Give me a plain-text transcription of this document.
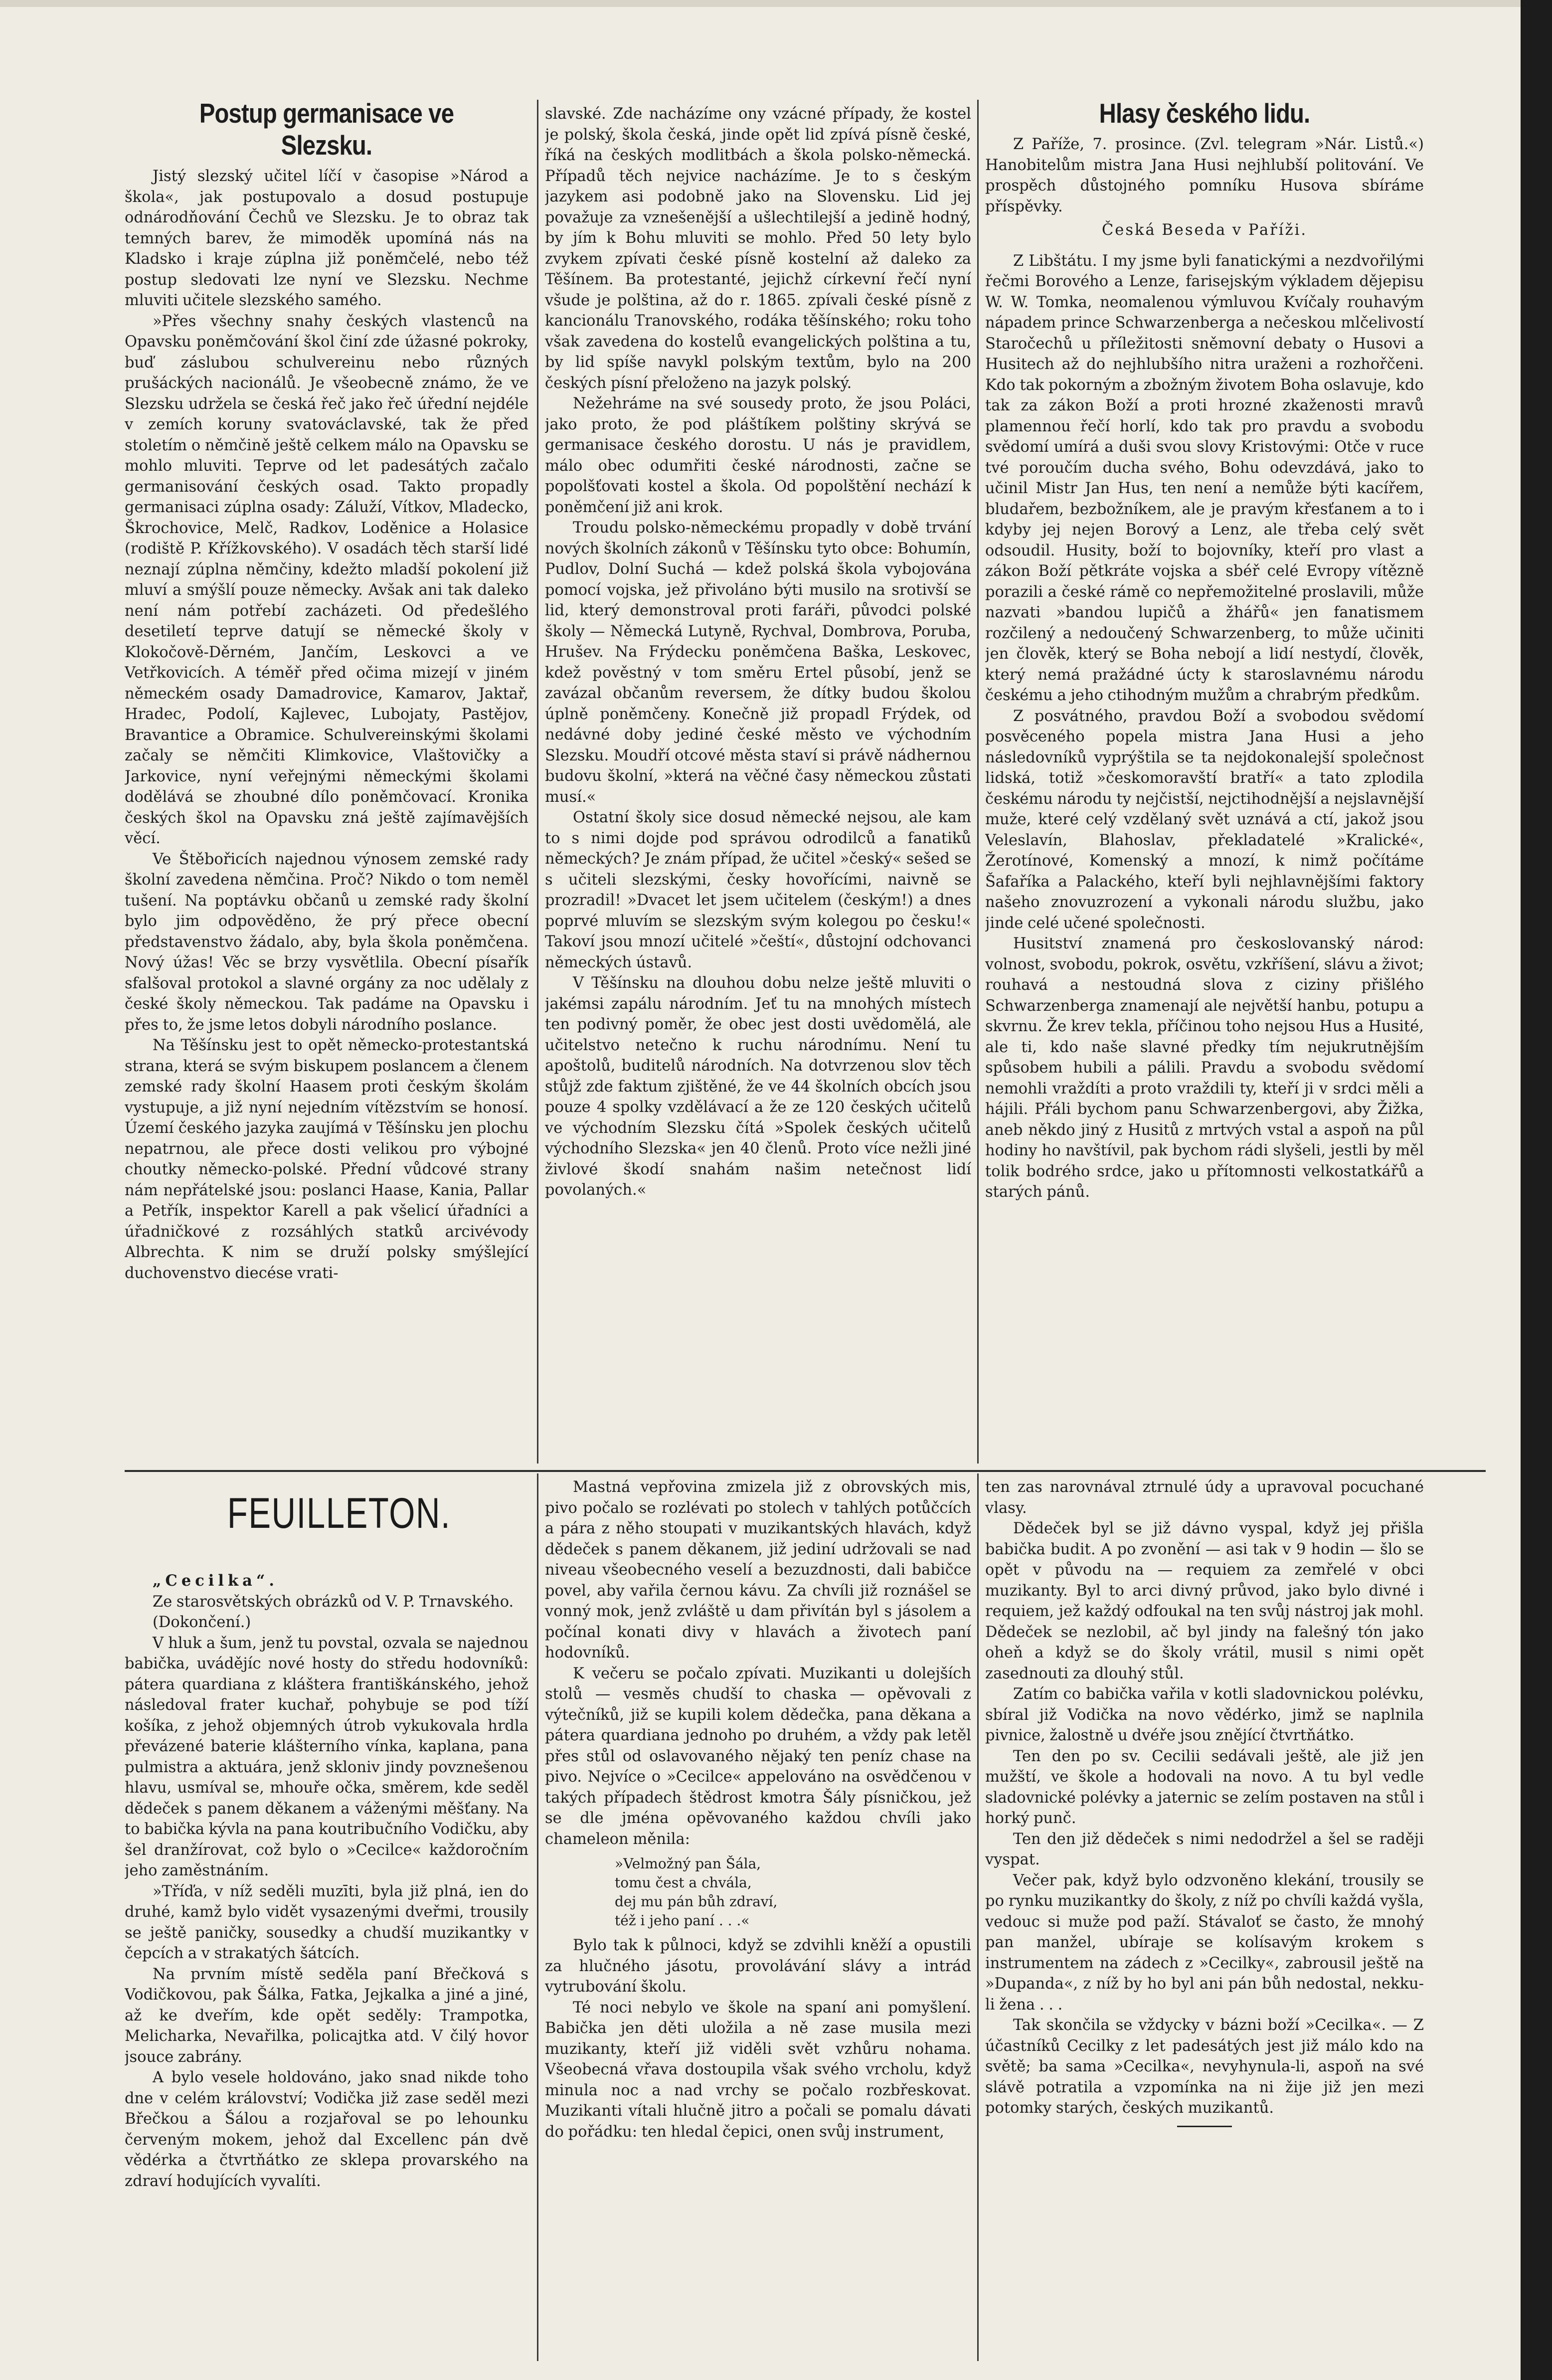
Postup germanisace ve Slezsku.

Jistý slezský učitel líčí v časopise »Národ a škola«, jak postupovalo a dosud postupuje odnárodňování Čechů ve Slezsku. Je to obraz tak temných barev, že mimoděk upomíná nás na Kladsko i kraje zúplna již poněmčelé, nebo též postup sledovati lze nyní ve Slezsku. Nechme mluviti učitele slezského samého.

»Přes všechny snahy českých vlastenců na Opavsku poněmčování škol činí zde úžasné pokroky, buď záslubou schulvereinu nebo různých prušáckých nacionálů. Je všeobecně známo, že ve Slezsku udržela se česká řeč jako řeč úřední nejdéle v zemích koruny svatováclavské, tak že před stoletím o němčině ještě celkem málo na Opavsku se mohlo mluviti. Teprve od let padesátých začalo germanisování českých osad. Takto propadly germanisaci zúplna osady: Záluží, Vítkov, Mladecko, Škrochovice, Melč, Radkov, Loděnice a Holasice (rodiště P. Křížkovského). V osadách těch starší lidé neznají zúplna němčiny, kdežto mladší pokolení již mluví a smýšlí pouze německy. Avšak ani tak daleko není nám potřebí zacházeti. Od předešlého desetiletí teprve datují se německé školy v Klokočově-Děrném, Jančím, Leskovci a ve Vetřkovicích. A téměř před očima mizejí v jiném německém osady Damadrovice, Kamarov, Jaktař, Hradec, Podolí, Kajlevec, Lubojaty, Pastějov, Bravantice a Obramice. Schulvereinskými školami začaly se němčiti Klimkovice, Vlaštovičky a Jarkovice, nyní veřejnými německými školami dodělává se zhoubné dílo poněmčovací. Kronika českých škol na Opavsku zná ještě zajímavějších věcí.

Ve Štěbořicích najednou výnosem zemské rady školní zavedena němčina. Proč? Nikdo o tom neměl tušení. Na poptávku občanů u zemské rady školní bylo jim odpověděno, že prý přece obecní představenstvo žádalo, aby, byla škola poněmčena. Nový úžas! Věc se brzy vysvětlila. Obecní písařík sfalšoval protokol a slavné orgány za noc udělaly z české školy německou. Tak padáme na Opavsku i přes to, že jsme letos dobyli národního poslance.

Na Těšínsku jest to opět německo-protestantská strana, která se svým biskupem poslancem a členem zemské rady školní Haasem proti českým školám vystupuje, a již nyní nejedním vítězstvím se honosí. Území českého jazyka zaujímá v Těšínsku jen plochu nepatrnou, ale přece dosti velikou pro výbojné choutky německo-polské. Přední vůdcové strany nám nepřátelské jsou: poslanci Haase, Kania, Pallar a Petřík, inspektor Karell a pak všelicí úřadníci a úřadničkové z rozsáhlých statků arcivévody Albrechta. K nim se druží polsky smýšlející duchovenstvo diecése vrati-

slavské. Zde nacházíme ony vzácné případy, že kostel je polský, škola česká, jinde opět lid zpívá písně české, říká na českých modlitbách a škola polsko-německá. Případů těch nejvice nacházíme. Je to s českým jazykem asi podobně jako na Slovensku. Lid jej považuje za vznešenější a ušlechtilejší a jedině hodný, by jím k Bohu mluviti se mohlo. Před 50 lety bylo zvykem zpívati české písně kostelní až daleko za Těšínem. Ba protestanté, jejichž církevní řečí nyní všude je polština, až do r. 1865. zpívali české písně z kancionálu Tranovského, rodáka těšínského; roku toho však zavedena do kostelů evangelických polština a tu, by lid spíše navykl polským textům, bylo na 200 českých písní přeloženo na jazyk polský.

Nežehráme na své sousedy proto, že jsou Poláci, jako proto, že pod pláštíkem polštiny skrývá se germanisace českého dorostu. U nás je pravidlem, málo obec odumřiti české národnosti, začne se popolšťovati kostel a škola. Od popolštění nechází k poněmčení již ani krok.

Troudu polsko-německému propadly v době trvání nových školních zákonů v Těšínsku tyto obce: Bohumín, Pudlov, Dolní Suchá — kdež polská škola vybojována pomocí vojska, jež přivoláno býti musilo na srotivší se lid, který demonstroval proti faráři, původci polské školy — Německá Lutyně, Rychval, Dombrova, Poruba, Hrušev. Na Frýdecku poněmčena Baška, Leskovec, kdež pověstný v tom směru Ertel působí, jenž se zavázal občanům reversem, že dítky budou školou úplně poněmčeny. Konečně již propadl Frýdek, od nedávné doby jediné české město ve východním Slezsku. Moudří otcové města staví si právě nádhernou budovu školní, »která na věčné časy německou zůstati musí.«

Ostatní školy sice dosud německé nejsou, ale kam to s nimi dojde pod správou odrodilců a fanatiků německých? Je znám případ, že učitel »český« sešed se s učiteli slezskými, česky hovořícími, naivně se prozradil! »Dvacet let jsem učitelem (českým!) a dnes poprvé mluvím se slezským svým kolegou po česku!« Takoví jsou mnozí učitelé »čeští«, důstojní odchovanci německých ústavů.

V Těšínsku na dlouhou dobu nelze ještě mluviti o jakémsi zapálu národním. Jeť tu na mnohých místech ten podivný poměr, že obec jest dosti uvědomělá, ale učitelstvo netečno k ruchu národnímu. Není tu apoštolů, buditelů národních. Na dotvrzenou slov těch stůjž zde faktum zjištěné, že ve 44 školních obcích jsou pouze 4 spolky vzdělávací a že ze 120 českých učitelů ve východním Slezsku čítá »Spolek českých učitelů východního Slezska« jen 40 členů. Proto více nežli jiné živlové škodí snahám našim netečnost lidí povolaných.«

Hlasy českého lidu.

Z Paříže, 7. prosince. (Zvl. telegram »Nár. Listů.«) Hanobitelům mistra Jana Husi nejhlubší politování. Ve prospěch důstojného pomníku Husova sbíráme příspěvky.

Česká Beseda v Paříži.

Z Libštátu. I my jsme byli fanatickými a nezdvořilými řečmi Borového a Lenze, farisejským výkladem dějepisu W. W. Tomka, neomalenou výmluvou Kvíčaly rouhavým nápadem prince Schwarzenberga a nečeskou mlčelivostí Staročechů u příležitosti sněmovní debaty o Husovi a Husitech až do nejhlubšího nitra uraženi a rozhořčeni. Kdo tak pokorným a zbožným životem Boha oslavuje, kdo tak za zákon Boží a proti hrozné zkaženosti mravů plamennou řečí horlí, kdo tak pro pravdu a svobodu svědomí umírá a duši svou slovy Kristovými: Otče v ruce tvé poroučím ducha svého, Bohu odevzdává, jako to učinil Mistr Jan Hus, ten není a nemůže býti kacířem, bludařem, bezbožníkem, ale je pravým křesťanem a to i kdyby jej nejen Borový a Lenz, ale třeba celý svět odsoudil. Husity, boží to bojovníky, kteří pro vlast a zákon Boží pětkráte vojska a sbéř celé Evropy vítězně porazili a české rámě co nepřemožitelné proslavili, může nazvati »bandou lupičů a žhářů« jen fanatismem rozčilený a nedoučený Schwarzenberg, to může učiniti jen člověk, který se Boha nebojí a lidí nestydí, člověk, který nemá pražádné úcty k staroslavnému národu českému a jeho ctihodným mužům a chrabrým předkům.

Z posvátného, pravdou Boží a svobodou svědomí posvěceného popela mistra Jana Husi a jeho následovníků vyprýštila se ta nejdokonalejší společnost lidská, totiž »českomoravští bratří« a tato zplodila českému národu ty nejčistší, nejctihodnější a nejslavnější muže, které celý vzdělaný svět uznává a ctí, jakož jsou Veleslavín, Blahoslav, překladatelé »Kralické«, Žerotínové, Komenský a mnozí, k nimž počítáme Šafaříka a Palackého, kteří byli nejhlavnějšími faktory našeho znovuzrození a vykonali národu službu, jako jinde celé učené společnosti.

Husitství znamená pro českoslovanský národ: volnost, svobodu, pokrok, osvětu, vzkříšení, slávu a život; rouhavá a nestoudná slova z ciziny přišlého Schwarzenberga znamenají ale největší hanbu, potupu a skvrnu. Že krev tekla, příčinou toho nejsou Hus a Husité, ale ti, kdo naše slavné předky tím nejukrutnějším spůsobem hubili a pálili. Pravdu a svobodu svědomí nemohli vraždíti a proto vraždili ty, kteří ji v srdci měli a hájili. Přáli bychom panu Schwarzenbergovi, aby Žižka, aneb někdo jiný z Husitů z mrtvých vstal a aspoň na půl hodiny ho navštívil, pak bychom rádi slyšeli, jestli by měl tolik bodrého srdce, jako u přítomnosti velkostatkářů a starých pánů.

FEUILLETON.

„Cecilka“.

Ze starosvětských obrázků od V. P. Trnavského.

(Dokončení.)

V hluk a šum, jenž tu povstal, ozvala se najednou babička, uvádějíc nové hosty do středu hodovníků: pátera quardiana z kláštera františkánského, jehož následoval frater kuchař, pohybuje se pod tíží košíka, z jehož objemných útrob vykukovala hrdla převázené baterie klášterního vínka, kaplana, pana pulmistra a aktuára, jenž skloniv jindy povznešenou hlavu, usmíval se, mhouře očka, směrem, kde seděl dědeček s panem děkanem a váženými měšťany. Na to babička kývla na pana koutribučního Vodičku, aby šel dranžírovat, což bylo o »Cecilce« každoročním jeho zaměstnáním.

»Tříďa, v níž seděli muzīti, byla již plná, ien do druhé, kamž bylo vidět vysazenými dveřmi, trousily se ještě paničky, sousedky a chudší muzikantky v čepcích a v strakatých šátcích.

Na prvním místě seděla paní Břečková s Vodičkovou, pak Šálka, Fatka, Jejkalka a jiné a jiné, až ke dveřím, kde opět seděly: Trampotka, Melicharka, Nevařilka, policajtka atd. V čilý hovor jsouce zabrány.

A bylo vesele holdováno, jako snad nikde toho dne v celém království; Vodička již zase seděl mezi Břečkou a Šálou a rozjařoval se po lehounku červeným mokem, jehož dal Excellenc pán dvě vědérka a čtvrtňátko ze sklepa provarského na zdraví hodujících vyvalíti.

Mastná vepřovina zmizela již z obrovských mis, pivo počalo se rozlévati po stolech v tahlých potůčcích a pára z něho stoupati v muzikantských hlavách, když dědeček s panem děkanem, již jediní udržovali se nad niveau všeobecného veselí a bezuzdnosti, dali babičce povel, aby vařila černou kávu. Za chvíli již roznášel se vonný mok, jenž zvláště u dam přivítán byl s jásolem a počínal konati divy v hlavách a životech paní hodovníků.

K večeru se počalo zpívati. Muzikanti u dolejších stolů — vesměs chudší to chaska — opěvovali z výtečníků, již se kupili kolem dědečka, pana děkana a pátera quardiana jednoho po druhém, a vždy pak letěl přes stůl od oslavovaného nějaký ten peníz chase na pivo. Nejvíce o »Cecilce« appelováno na osvědčenou v takých případech štědrost kmotra Šály písničkou, jež se dle jména opěvovaného každou chvíli jako chameleon měnila:

»Velmožný pan Šála,
tomu čest a chvála,
dej mu pán bůh zdraví,
též i jeho paní . . .«

Bylo tak k půlnoci, když se zdvihli kněží a opustili za hlučného jásotu, provolávání slávy a intrád vytrubování školu.

Té noci nebylo ve škole na spaní ani pomyšlení. Babička jen děti uložila a ně zase musila mezi muzikanty, kteří již viděli svět vzhůru nohama. Všeobecná vřava dostoupila však svého vrcholu, když minula noc a nad vrchy se počalo rozbřeskovat. Muzikanti vítali hlučně jitro a počali se pomalu dávati do pořádku: ten hledal čepici, onen svůj instrument,

ten zas narovnával ztrnulé údy a upravoval pocuchané vlasy.

Dědeček byl se již dávno vyspal, když jej přišla babička budit. A po zvonění — asi tak v 9 hodin — šlo se opět v původu na — requiem za zemřelé v obci muzikanty. Byl to arci divný průvod, jako bylo divné i requiem, jež každý odfoukal na ten svůj nástroj jak mohl. Dědeček se nezlobil, ač byl jindy na falešný tón jako oheň a když se do školy vrátil, musil s nimi opět zasednouti za dlouhý stůl.

Zatím co babička vařila v kotli sladovnickou polévku, sbíral již Vodička na novo vědérko, jimž se naplnila pivnice, žalostně u dvéře jsou znějící čtvrtňátko.

Ten den po sv. Cecilii sedávali ještě, ale již jen mužští, ve škole a hodovali na novo. A tu byl vedle sladovnické polévky a jaternic se zelím postaven na stůl i horký punč.

Ten den již dědeček s nimi nedodržel a šel se raději vyspat.

Večer pak, když bylo odzvoněno klekání, trousily se po rynku muzikantky do školy, z níž po chvíli každá vyšla, vedouc si muže pod paží. Stávaloť se často, že mnohý pan manžel, ubíraje se kolísavým krokem s instrumentem na zádech z »Cecilky«, zabrousil ještě na »Dupanda«, z níž by ho byl ani pán bůh nedostal, nekku-li žena . . .

Tak skončila se vždycky v bázni boží »Cecilka«. — Z účastníků Cecilky z let padesátých jest již málo kdo na světě; ba sama »Cecilka«, nevyhynula-li, aspoň na své slávě potratila a vzpomínka na ni žije již jen mezi potomky starých, českých muzikantů.
